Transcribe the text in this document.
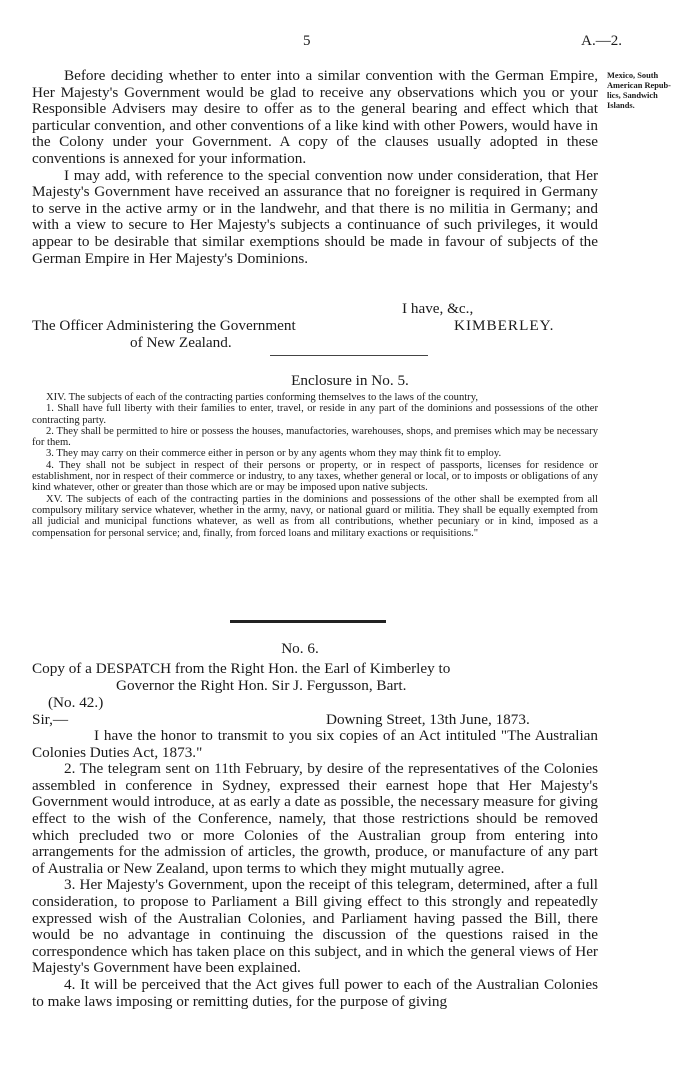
5	A.—2.
Mexico, South
American Repub-
lics, Sandwich
Islands.

Before deciding whether to enter into a similar convention with the German Empire, Her Majesty's Government would be glad to receive any observations which you or your Responsible Advisers may desire to offer as to the general bearing and effect which that particular convention, and other conventions of a like kind with other Powers, would have in the Colony under your Government. A copy of the clauses usually adopted in these conventions is annexed for your information.

I may add, with reference to the special convention now under consideration, that Her Majesty's Government have received an assurance that no foreigner is required in Germany to serve in the active army or in the landwehr, and that there is no militia in Germany; and with a view to secure to Her Majesty's subjects a continuance of such privileges, it would appear to be desirable that similar exemptions should be made in favour of subjects of the German Empire in Her Majesty's Dominions.

I have, &c.,
The Officer Administering the Government	KIMBERLEY.
of New Zealand.
Enclosure in No. 5.

XIV. The subjects of each of the contracting parties conforming themselves to the laws of the country,

1. Shall have full liberty with their families to enter, travel, or reside in any part of the dominions and possessions of the other contracting party.

2. They shall be permitted to hire or possess the houses, manufactories, warehouses, shops, and premises which may be necessary for them.

3. They may carry on their commerce either in person or by any agents whom they may think fit to employ.

4. They shall not be subject in respect of their persons or property, or in respect of passports, licenses for residence or establishment, nor in respect of their commerce or industry, to any taxes, whether general or local, or to imposts or obligations of any kind whatever, other or greater than those which are or may be imposed upon native subjects.

XV. The subjects of each of the contracting parties in the dominions and possessions of the other shall be exempted from all compulsory military service whatever, whether in the army, navy, or national guard or militia. They shall be equally exempted from all judicial and municipal functions whatever, as well as from all contributions, whether pecuniary or in kind, imposed as a compensation for personal service; and, finally, from forced loans and military exactions or requisitions."

No. 6.
Copy of a DESPATCH from the Right Hon. the Earl of Kimberley to
Governor the Right Hon. Sir J. Fergusson, Bart.
(No. 42.)
Sir,—	Downing Street, 13th June, 1873.

I have the honor to transmit to you six copies of an Act intituled "The Australian Colonies Duties Act, 1873."

2. The telegram sent on 11th February, by desire of the representatives of the Colonies assembled in conference in Sydney, expressed their earnest hope that Her Majesty's Government would introduce, at as early a date as possible, the necessary measure for giving effect to the wish of the Conference, namely, that those restrictions should be removed which precluded two or more Colonies of the Australian group from entering into arrangements for the admission of articles, the growth, produce, or manufacture of any part of Australia or New Zealand, upon terms to which they might mutually agree.

3. Her Majesty's Government, upon the receipt of this telegram, determined, after a full consideration, to propose to Parliament a Bill giving effect to this strongly and repeatedly expressed wish of the Australian Colonies, and Parliament having passed the Bill, there would be no advantage in continuing the discussion of the questions raised in the correspondence which has taken place on this subject, and in which the general views of Her Majesty's Government have been explained.

4. It will be perceived that the Act gives full power to each of the Australian Colonies to make laws imposing or remitting duties, for the purpose of giving
